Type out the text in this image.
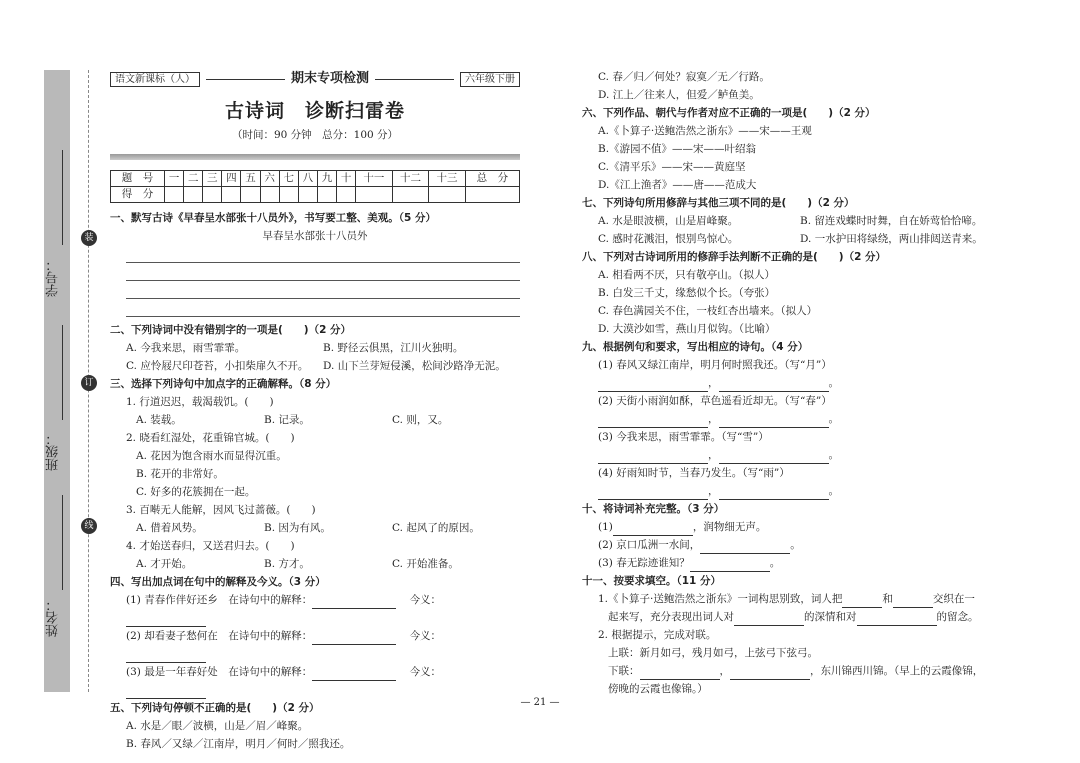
学号：
班级：
姓名：
装
订
线
语文新课标（人）	期末专项检测	六年级下册
古诗词　诊断扫雷卷
（时间：90 分钟　总分：100 分）
题　号	一	二	三	四	五	六	七	八	九	十	十一	十二	十三	总　分
得　分														
一、默写古诗《早春呈水部张十八员外》，书写要工整、美观。（5 分）
早春呈水部张十八员外
二、下列诗词中没有错别字的一项是(　　)（2 分）
A. 今我来思，雨雪霏霏。	B. 野径云俱黑，江川火独明。
C. 应怜屐尺印苍苔，小扣柴扉久不开。	D. 山下兰芽短侵溪，松间沙路净无泥。
三、选择下列诗句中加点字的正确解释。（8 分）
1. 行道迟迟，载渴载饥。(　　)
A. 装载。	B. 记录。	C. 则，又。
2. 晓看红湿处，花重锦官城。(　　)
A. 花因为饱含雨水而显得沉重。
B. 花开的非常好。
C. 好多的花簇拥在一起。
3. 百啭无人能解，因风飞过蔷薇。(　　)
A. 借着风势。	B. 因为有风。	C. 起风了的原因。
4. 才始送春归，又送君归去。(　　)
A. 才开始。	B. 方才。	C. 开始准备。
四、写出加点词在句中的解释及今义。（3 分）
(1) 青春作伴好还乡　在诗句中的解释：	今义：
(2) 却看妻子愁何在　在诗句中的解释：	今义：
(3) 最是一年春好处　在诗句中的解释：	今义：
五、下列诗句停顿不正确的是(　　)（2 分）
A. 水是／眼／波横，山是／眉／峰聚。
B. 春风／又绿／江南岸，明月／何时／照我还。
C. 春／归／何处？寂寞／无／行路。
D. 江上／往来人，但爱／鲈鱼美。
六、下列作品、朝代与作者对应不正确的一项是(　　)（2 分）
A.《卜算子·送鲍浩然之浙东》——宋——王观
B.《游园不值》——宋——叶绍翁
C.《清平乐》——宋——黄庭坚
D.《江上渔者》——唐——范成大
七、下列诗句所用修辞与其他三项不同的是(　　)（2 分）
A. 水是眼波横，山是眉峰聚。	B. 留连戏蝶时时舞，自在娇莺恰恰啼。
C. 感时花溅泪，恨别鸟惊心。	D. 一水护田将绿绕，两山排闼送青来。
八、下列对古诗词所用的修辞手法判断不正确的是(　　)（2 分）
A. 相看两不厌，只有敬亭山。（拟人）
B. 白发三千丈，缘愁似个长。（夸张）
C. 春色满园关不住，一枝红杏出墙来。（拟人）
D. 大漠沙如雪，燕山月似钩。（比喻）
九、根据例句和要求，写出相应的诗句。（4 分）
(1) 春风又绿江南岸，明月何时照我还。（写“月”）
，	。
(2) 天街小雨润如酥，草色遥看近却无。（写“春”）
，	。
(3) 今我来思，雨雪霏霏。（写“雪”）
，	。
(4) 好雨知时节，当春乃发生。（写“雨”）
，	。
十、将诗词补充完整。（3 分）
(1)	，润物细无声。
(2) 京口瓜洲一水间，	。
(3) 春无踪迹谁知？	。
十一、按要求填空。（11 分）
1.《卜算子·送鲍浩然之浙东》一词构思别致，词人把	和	交织在一
起来写，充分表现出词人对	的深情和对	的留念。
2. 根据提示，完成对联。
上联：新月如弓，残月如弓，上弦弓下弦弓。
下联：	，	，东川锦西川锦。（早上的云霞像锦，
傍晚的云霞也像锦。）
— 21 —
